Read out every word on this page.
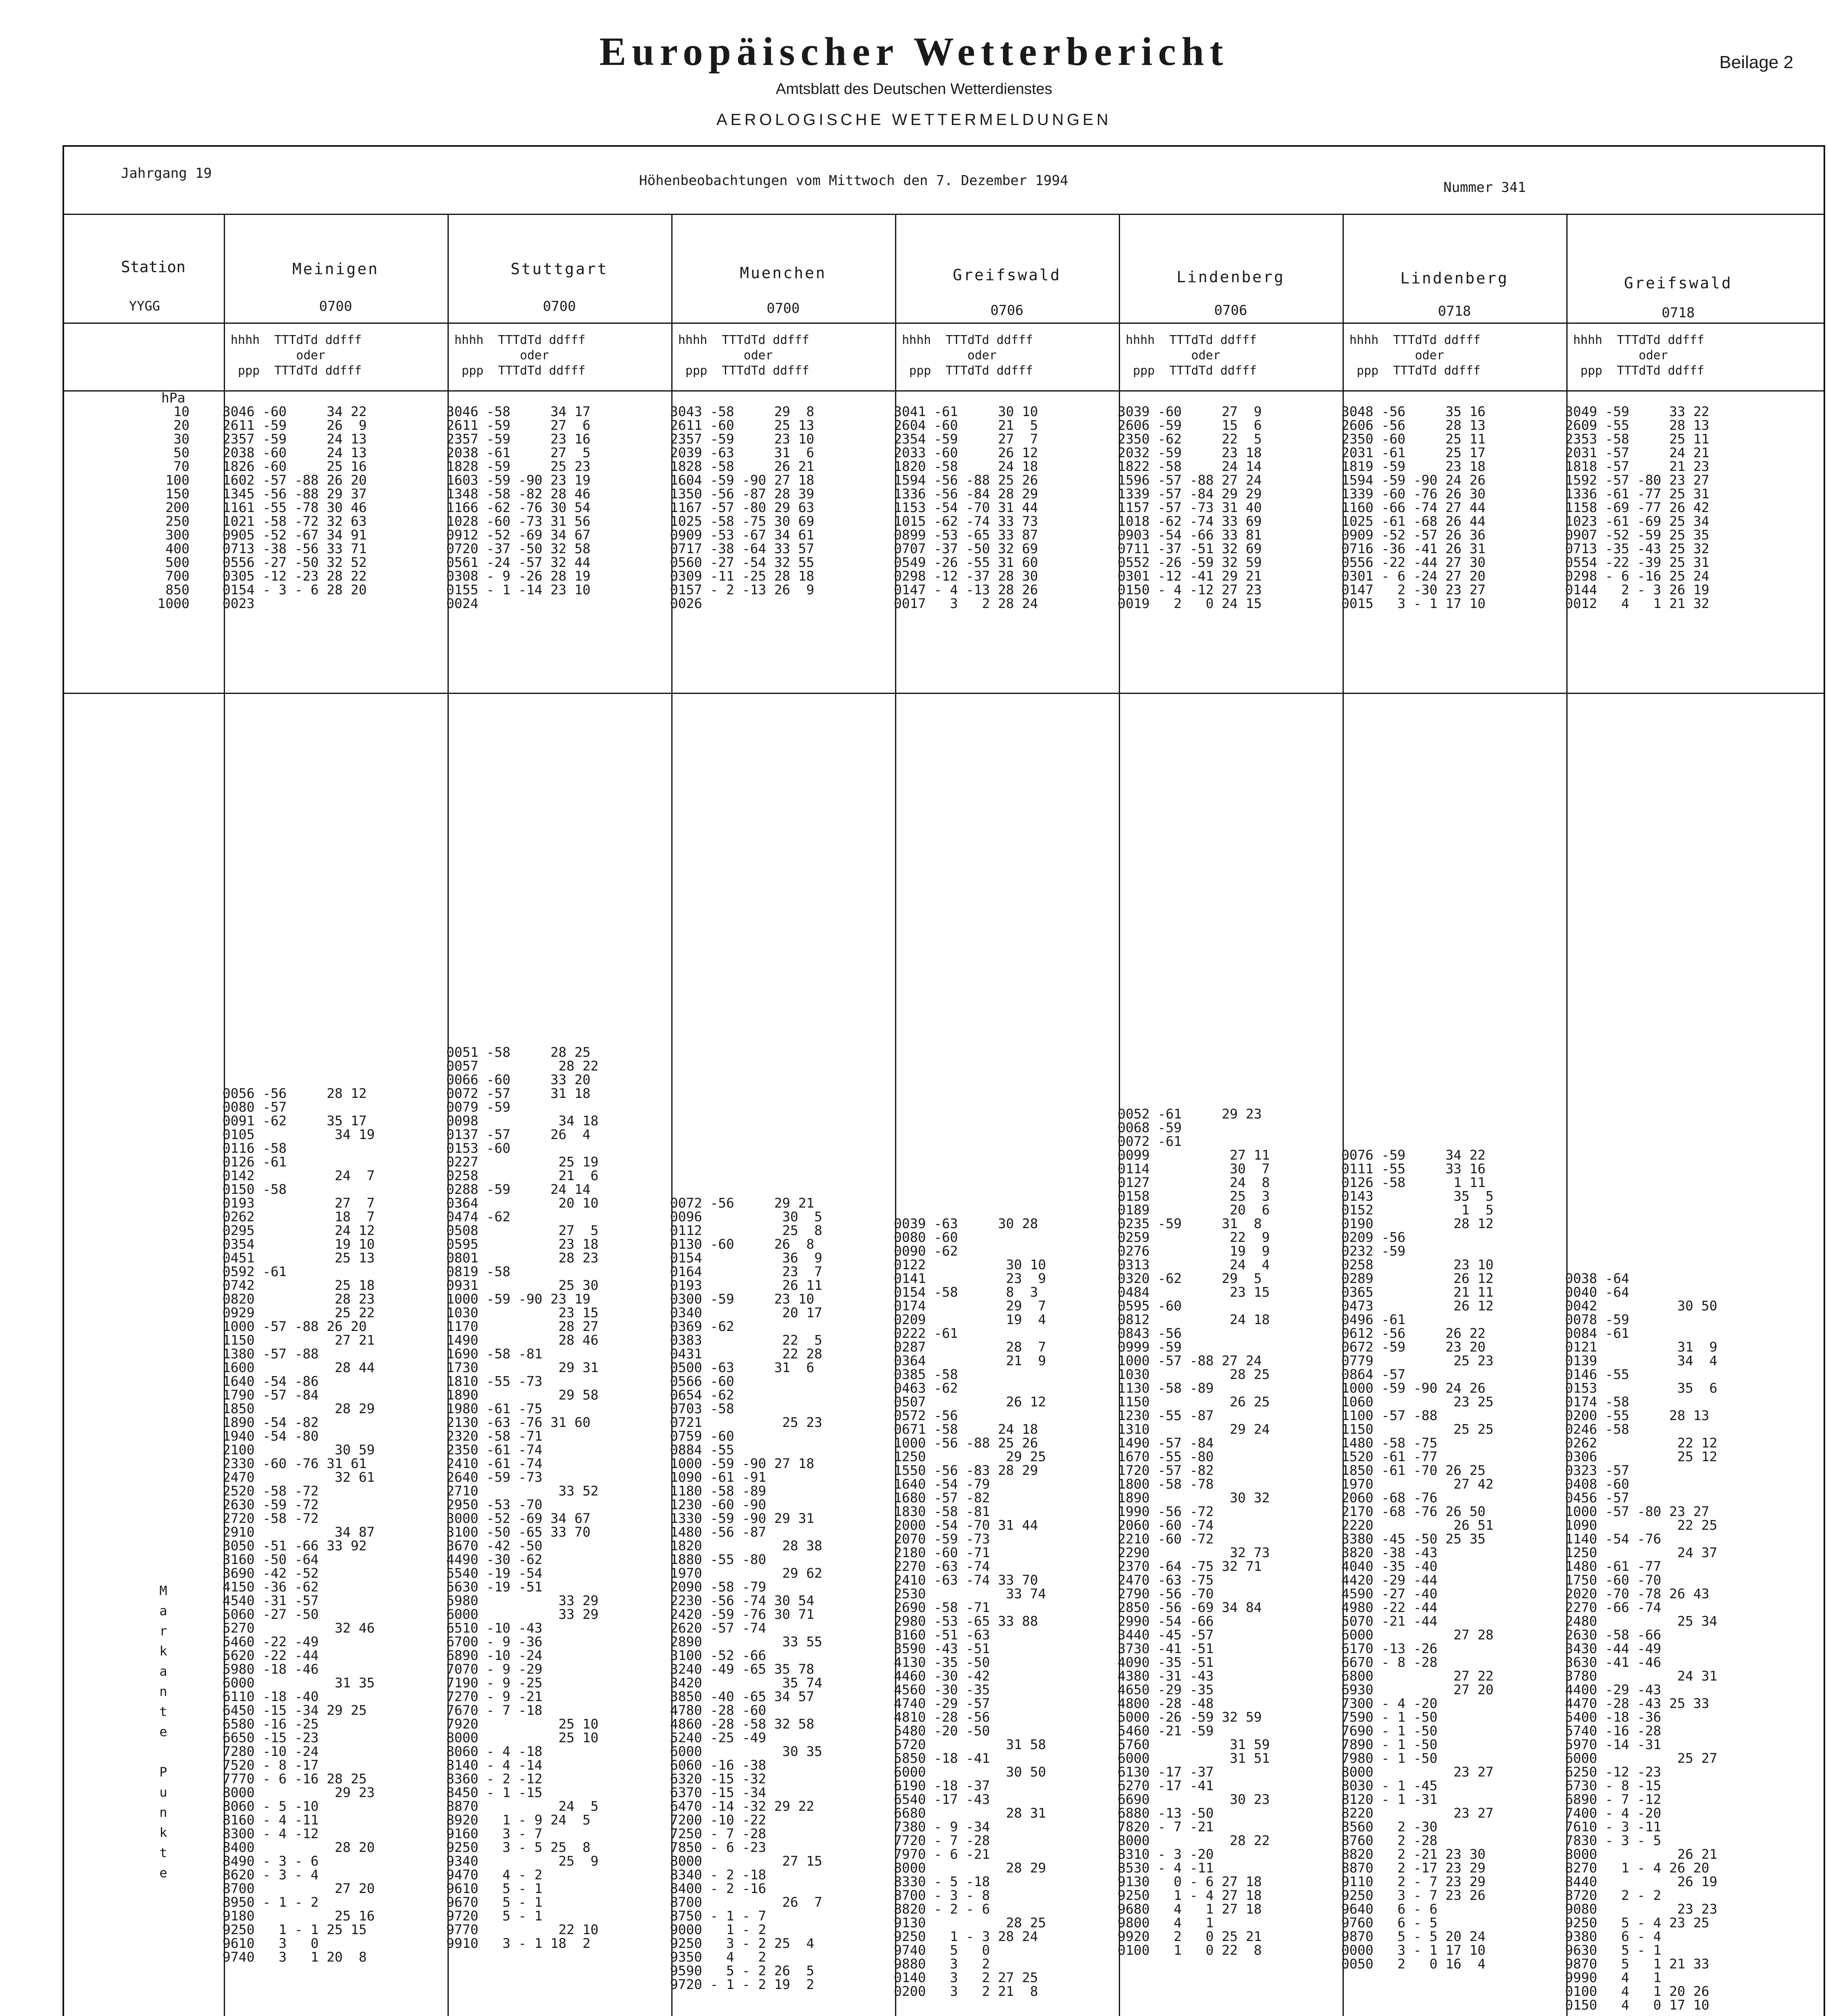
Europäischer Wetterbericht
Amtsblatt des Deutschen Wetterdienstes
AEROLOGISCHE WETTERMELDUNGEN
Beilage 2
Jahrgang 19	Höhenbeobachtungen vom Mittwoch den 7. Dezember 1994	Nummer 341
Station
YYGG
hPa
10
20
30
50
70
100
150
200
250
300
400
500
700
850
1000
M
a
r
k
a
n
t
e

P
u
n
k
t
e
Meinigen
0700
hhhh  TTTdTd ddfff
oder
ppp  TTTdTd ddfff
3046 -60     34 22
2611 -59     26  9
2357 -59     24 13
2038 -60     24 13
1826 -60     25 16
1602 -57 -88 26 20
1345 -56 -88 29 37
1161 -55 -78 30 46
1021 -58 -72 32 63
0905 -52 -67 34 91
0713 -38 -56 33 71
0556 -27 -50 32 52
0305 -12 -23 28 22
0154 - 3 - 6 28 20
0023
0056 -56     28 12
0080 -57
0091 -62     35 17
0105          34 19
0116 -58
0126 -61
0142          24  7
0150 -58
0193          27  7
0262          18  7
0295          24 12
0354          19 10
0451          25 13
0592 -61
0742          25 18
0820          28 23
0929          25 22
1000 -57 -88 26 20
1150          27 21
1380 -57 -88
1600          28 44
1640 -54 -86
1790 -57 -84
1850          28 29
1890 -54 -82
1940 -54 -80
2100          30 59
2330 -60 -76 31 61
2470          32 61
2520 -58 -72
2630 -59 -72
2720 -58 -72
2910          34 87
3050 -51 -66 33 92
3160 -50 -64
3690 -42 -52
4150 -36 -62
4540 -31 -57
5060 -27 -50
5270          32 46
5460 -22 -49
5620 -22 -44
5980 -18 -46
6000          31 35
6110 -18 -40
6450 -15 -34 29 25
6580 -16 -25
6650 -15 -23
7280 -10 -24
7520 - 8 -17
7770 - 6 -16 28 25
8000          29 23
8060 - 5 -10
8160 - 4 -11
8300 - 4 -12
8400          28 20
8490 - 3 - 6
8620 - 3 - 4
8700          27 20
8950 - 1 - 2
9180          25 16
9250   1 - 1 25 15
9610   3   0
9740   3   1 20  8
Stuttgart
0700
hhhh  TTTdTd ddfff
oder
ppp  TTTdTd ddfff
3046 -58     34 17
2611 -59     27  6
2357 -59     23 16
2038 -61     27  5
1828 -59     25 23
1603 -59 -90 23 19
1348 -58 -82 28 46
1166 -62 -76 30 54
1028 -60 -73 31 56
0912 -52 -69 34 67
0720 -37 -50 32 58
0561 -24 -57 32 44
0308 - 9 -26 28 19
0155 - 1 -14 23 10
0024
0051 -58     28 25
0057          28 22
0066 -60     33 20
0072 -57     31 18
0079 -59
0098          34 18
0137 -57     26  4
0153 -60
0227          25 19
0258          21  6
0288 -59     24 14
0364          20 10
0474 -62
0508          27  5
0595          23 18
0801          28 23
0819 -58
0931          25 30
1000 -59 -90 23 19
1030          23 15
1170          28 27
1490          28 46
1690 -58 -81
1730          29 31
1810 -55 -73
1890          29 58
1980 -61 -75
2130 -63 -76 31 60
2320 -58 -71
2350 -61 -74
2410 -61 -74
2640 -59 -73
2710          33 52
2950 -53 -70
3000 -52 -69 34 67
3100 -50 -65 33 70
3670 -42 -50
4490 -30 -62
5540 -19 -54
5630 -19 -51
5980          33 29
6000          33 29
6510 -10 -43
6700 - 9 -36
6890 -10 -24
7070 - 9 -29
7190 - 9 -25
7270 - 9 -21
7670 - 7 -18
7920          25 10
8000          25 10
8060 - 4 -18
8140 - 4 -14
8360 - 2 -12
8450 - 1 -15
8870          24  5
8920   1 - 9 24  5
9160   3 - 7
9250   3 - 5 25  8
9340          25  9
9470   4 - 2
9610   5 - 1
9670   5 - 1
9720   5 - 1
9770          22 10
9910   3 - 1 18  2
Muenchen
0700
hhhh  TTTdTd ddfff
oder
ppp  TTTdTd ddfff
3043 -58     29  8
2611 -60     25 13
2357 -59     23 10
2039 -63     31  6
1828 -58     26 21
1604 -59 -90 27 18
1350 -56 -87 28 39
1167 -57 -80 29 63
1025 -58 -75 30 69
0909 -53 -67 34 61
0717 -38 -64 33 57
0560 -27 -54 32 55
0309 -11 -25 28 18
0157 - 2 -13 26  9
0026
0072 -56     29 21
0096          30  5
0112          25  8
0130 -60     26  8
0154          36  9
0164          23  7
0193          26 11
0300 -59     23 10
0340          20 17
0369 -62
0383          22  5
0431          22 28
0500 -63     31  6
0566 -60
0654 -62
0703 -58
0721          25 23
0759 -60
0884 -55
1000 -59 -90 27 18
1090 -61 -91
1180 -58 -89
1230 -60 -90
1330 -59 -90 29 31
1480 -56 -87
1820          28 38
1880 -55 -80
1970          29 62
2090 -58 -79
2230 -56 -74 30 54
2420 -59 -76 30 71
2620 -57 -74
2890          33 55
3100 -52 -66
3240 -49 -65 35 78
3420          35 74
3850 -40 -65 34 57
4780 -28 -60
4860 -28 -58 32 58
5240 -25 -49
6000          30 35
6060 -16 -38
6320 -15 -32
6370 -15 -34
6470 -14 -32 29 22
7200 -10 -22
7250 - 7 -28
7850 - 6 -23
8000          27 15
8340 - 2 -18
8400 - 2 -16
8700          26  7
8750 - 1 - 7
9000   1 - 2
9250   3 - 2 25  4
9350   4   2
9590   5 - 2 26  5
9720 - 1 - 2 19  2
Greifswald
0706
hhhh  TTTdTd ddfff
oder
ppp  TTTdTd ddfff
3041 -61     30 10
2604 -60     21  5
2354 -59     27  7
2033 -60     26 12
1820 -58     24 18
1594 -56 -88 25 26
1336 -56 -84 28 29
1153 -54 -70 31 44
1015 -62 -74 33 73
0899 -53 -65 33 87
0707 -37 -50 32 69
0549 -26 -55 31 60
0298 -12 -37 28 30
0147 - 4 -13 28 26
0017   3   2 28 24
0039 -63     30 28
0080 -60
0090 -62
0122          30 10
0141          23  9
0154 -58      8  3
0174          29  7
0209          19  4
0222 -61
0287          28  7
0364          21  9
0385 -58
0463 -62
0507          26 12
0572 -56
0671 -58     24 18
1000 -56 -88 25 26
1250          29 25
1550 -56 -83 28 29
1640 -54 -79
1680 -57 -82
1830 -58 -81
2000 -54 -70 31 44
2070 -59 -73
2180 -60 -71
2270 -63 -74
2410 -63 -74 33 70
2530          33 74
2690 -58 -71
2980 -53 -65 33 88
3160 -51 -63
3590 -43 -51
4130 -35 -50
4460 -30 -42
4560 -30 -35
4740 -29 -57
4810 -28 -56
5480 -20 -50
5720          31 58
5850 -18 -41
6000          30 50
6190 -18 -37
6540 -17 -43
6680          28 31
7380 - 9 -34
7720 - 7 -28
7970 - 6 -21
8000          28 29
8330 - 5 -18
8700 - 3 - 8
8820 - 2 - 6
9130          28 25
9250   1 - 3 28 24
9740   5   0
9880   3   2
0140   3   2 27 25
0200   3   2 21  8
Lindenberg
0706
hhhh  TTTdTd ddfff
oder
ppp  TTTdTd ddfff
3039 -60     27  9
2606 -59     15  6
2350 -62     22  5
2032 -59     23 18
1822 -58     24 14
1596 -57 -88 27 24
1339 -57 -84 29 29
1157 -57 -73 31 40
1018 -62 -74 33 69
0903 -54 -66 33 81
0711 -37 -51 32 69
0552 -26 -59 32 59
0301 -12 -41 29 21
0150 - 4 -12 27 23
0019   2   0 24 15
0052 -61     29 23
0068 -59
0072 -61
0099          27 11
0114          30  7
0127          24  8
0158          25  3
0189          20  6
0235 -59     31  8
0259          22  9
0276          19  9
0313          24  4
0320 -62     29  5
0484          23 15
0595 -60
0812          24 18
0843 -56
0999 -59
1000 -57 -88 27 24
1030          28 25
1130 -58 -89
1150          26 25
1230 -55 -87
1310          29 24
1490 -57 -84
1670 -55 -80
1720 -57 -82
1800 -58 -78
1890          30 32
1990 -56 -72
2060 -60 -74
2210 -60 -72
2290          32 73
2370 -64 -75 32 71
2470 -63 -75
2790 -56 -70
2850 -56 -69 34 84
2990 -54 -66
3440 -45 -57
3730 -41 -51
4090 -35 -51
4380 -31 -43
4650 -29 -35
4800 -28 -48
5000 -26 -59 32 59
5460 -21 -59
5760          31 59
6000          31 51
6130 -17 -37
6270 -17 -41
6690          30 23
6880 -13 -50
7820 - 7 -21
8000          28 22
8310 - 3 -20
8530 - 4 -11
9130   0 - 6 27 18
9250   1 - 4 27 18
9680   4   1 27 18
9800   4   1
9920   2   0 25 21
0100   1   0 22  8
Lindenberg
0718
hhhh  TTTdTd ddfff
oder
ppp  TTTdTd ddfff
3048 -56     35 16
2606 -56     28 13
2350 -60     25 11
2031 -61     25 17
1819 -59     23 18
1594 -59 -90 24 26
1339 -60 -76 26 30
1160 -66 -74 27 44
1025 -61 -68 26 44
0909 -52 -57 26 36
0716 -36 -41 26 31
0556 -22 -44 27 30
0301 - 6 -24 27 20
0147   2 -30 23 27
0015   3 - 1 17 10
0076 -59     34 22
0111 -55     33 16
0126 -58      1 11
0143          35  5
0152           1  5
0190          28 12
0209 -56
0232 -59
0258          23 10
0289          26 12
0365          21 11
0473          26 12
0496 -61
0612 -56     26 22
0672 -59     23 20
0779          25 23
0864 -57
1000 -59 -90 24 26
1060          23 25
1100 -57 -88
1150          25 25
1480 -58 -75
1520 -61 -77
1850 -61 -70 26 25
1970          27 42
2060 -68 -76
2170 -68 -76 26 50
2220          26 51
3380 -45 -50 25 35
3820 -38 -43
4040 -35 -40
4420 -29 -44
4590 -27 -40
4980 -22 -44
5070 -21 -44
6000          27 28
6170 -13 -26
6670 - 8 -28
6800          27 22
6930          27 20
7300 - 4 -20
7590 - 1 -50
7690 - 1 -50
7890 - 1 -50
7980 - 1 -50
8000          23 27
8030 - 1 -45
8120 - 1 -31
8220          23 27
8560   2 -30
8760   2 -28
8820   2 -21 23 30
8870   2 -17 23 29
9110   2 - 7 23 29
9250   3 - 7 23 26
9640   6 - 6
9760   6 - 5
9870   5 - 5 20 24
0000   3 - 1 17 10
0050   2   0 16  4
Greifswald
0718
hhhh  TTTdTd ddfff
oder
ppp  TTTdTd ddfff
3049 -59     33 22
2609 -55     28 13
2353 -58     25 11
2031 -57     24 21
1818 -57     21 23
1592 -57 -80 23 27
1336 -61 -77 25 31
1158 -69 -77 26 42
1023 -61 -69 25 34
0907 -52 -59 25 35
0713 -35 -43 25 32
0554 -22 -39 25 31
0298 - 6 -16 25 24
0144   2 - 3 26 19
0012   4   1 21 32
0038 -64
0040 -64
0042          30 50
0078 -59
0084 -61
0121          31  9
0139          34  4
0146 -55
0153          35  6
0174 -58
0200 -55     28 13
0246 -58
0262          22 12
0306          25 12
0323 -57
0408 -60
0456 -57
1000 -57 -80 23 27
1090          22 25
1140 -54 -76
1250          24 37
1480 -61 -77
1750 -60 -70
2020 -70 -78 26 43
2270 -66 -74
2480          25 34
2630 -58 -66
3430 -44 -49
3630 -41 -46
3780          24 31
4400 -29 -43
4470 -28 -43 25 33
5400 -18 -36
5740 -16 -28
5970 -14 -31
6000          25 27
6250 -12 -23
6730 - 8 -15
6890 - 7 -12
7400 - 4 -20
7610 - 3 -11
7830 - 3 - 5
8000          26 21
8270   1 - 4 26 20
8440          26 19
8720   2 - 2
9080          23 23
9250   5 - 4 23 25
9380   6 - 4
9630   5 - 1
9870   5   1 21 33
9990   4   1
0100   4   1 20 26
0150   4   0 17 10
